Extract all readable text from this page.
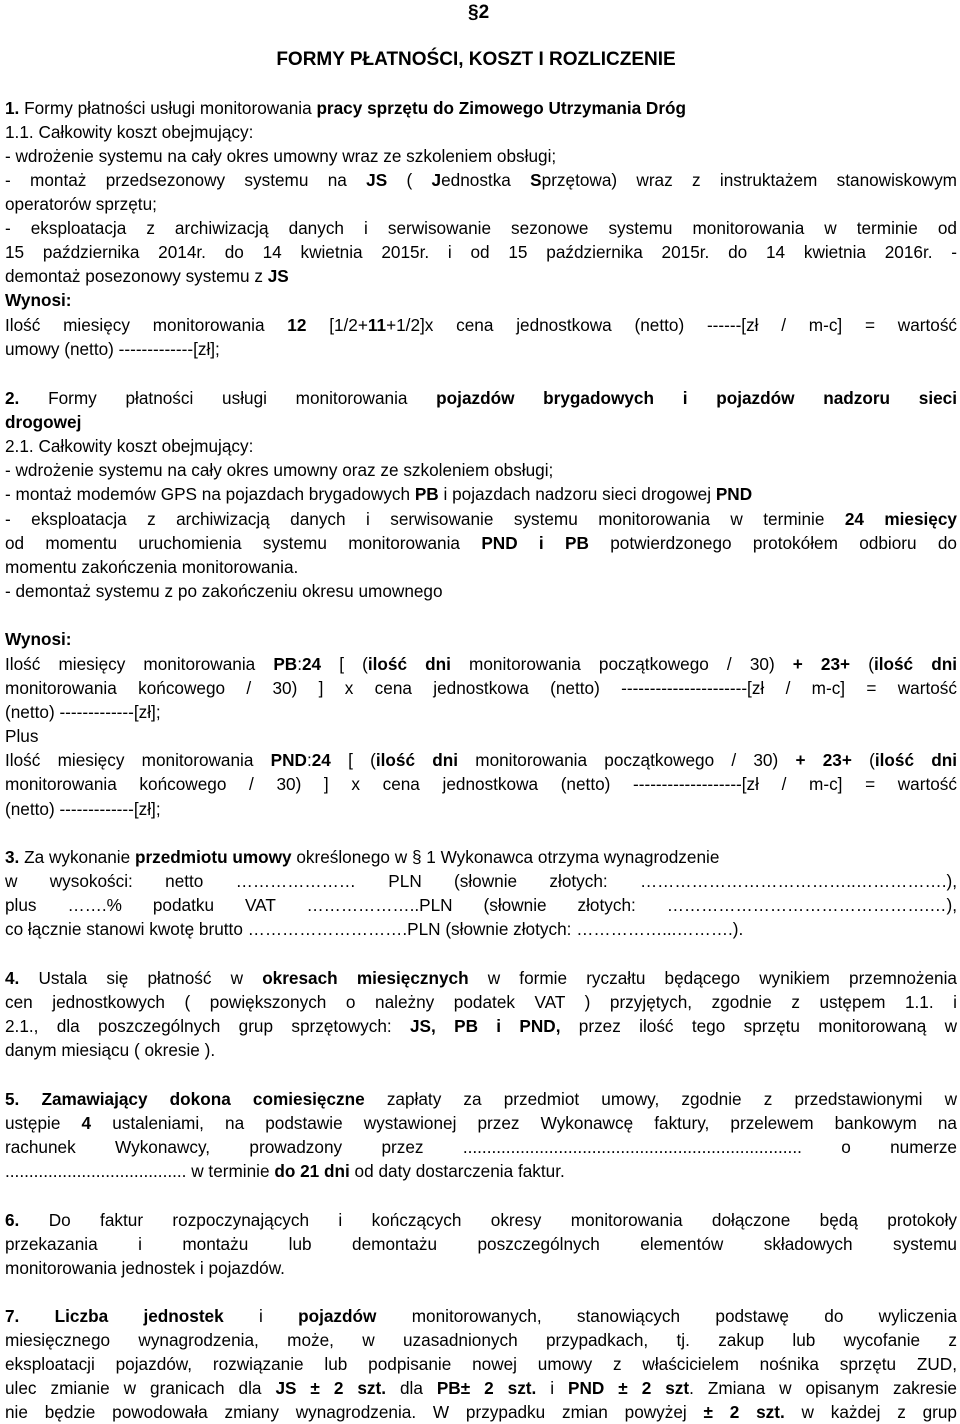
§2
FORMY PŁATNOŚCI, KOSZT I ROZLICZENIE
1. Formy płatności usługi monitorowania pracy sprzętu do Zimowego Utrzymania Dróg
1.1. Całkowity koszt obejmujący:
- wdrożenie systemu na cały okres umowny wraz ze szkoleniem obsługi;
- montaż przedsezonowy systemu na JS ( Jednostka Sprzętowa) wraz z instruktażem stanowiskowym
operatorów sprzętu;
- eksploatacja z archiwizacją danych i serwisowanie sezonowe systemu monitorowania w terminie od
15 października 2014r. do 14 kwietnia 2015r. i od 15 października 2015r. do 14 kwietnia 2016r. -
demontaż posezonowy systemu z JS
Wynosi:
Ilość miesięcy monitorowania 12 [1/2+11+1/2]x cena jednostkowa (netto) ------[zł / m-c] = wartość
umowy (netto) -------------[zł];
2. Formy płatności usługi monitorowania pojazdów brygadowych i pojazdów nadzoru sieci
drogowej
2.1. Całkowity koszt obejmujący:
- wdrożenie systemu na cały okres umowny oraz ze szkoleniem obsługi;
- montaż modemów GPS na pojazdach brygadowych PB i pojazdach nadzoru sieci drogowej PND
- eksploatacja z archiwizacją danych i serwisowanie systemu monitorowania w terminie 24 miesięcy
od momentu uruchomienia systemu monitorowania PND i PB potwierdzonego protokółem odbioru do
momentu zakończenia monitorowania.
- demontaż systemu z po zakończeniu okresu umownego
Wynosi:
Ilość miesięcy monitorowania PB:24 [ (ilość dni monitorowania początkowego / 30) + 23+ (ilość dni
monitorowania końcowego / 30) ] x cena jednostkowa (netto) ----------------------[zł / m-c] = wartość
(netto) -------------[zł];
Plus
Ilość miesięcy monitorowania PND:24 [ (ilość dni monitorowania początkowego / 30) + 23+ (ilość dni
monitorowania końcowego / 30) ] x cena jednostkowa (netto) -------------------[zł / m-c] = wartość
(netto) -------------[zł];
3. Za wykonanie przedmiotu umowy określonego w § 1 Wykonawca otrzyma wynagrodzenie
w wysokości: netto ………………… PLN (słownie złotych: ………………………………..…………….),
plus …….% podatku VAT ………………..PLN (słownie złotych: ……………………………………….…),
co łącznie stanowi kwotę brutto ……………………….PLN (słownie złotych: ……………...……….).
4. Ustala się płatność w okresach miesięcznych w formie ryczałtu będącego wynikiem przemnożenia
cen jednostkowych ( powiększonych o należny podatek VAT ) przyjętych, zgodnie z ustępem 1.1. i
2.1., dla poszczególnych grup sprzętowych: JS, PB i PND, przez ilość tego sprzętu monitorowaną w
danym miesiącu ( okresie ).
5. Zamawiający dokona comiesięczne zapłaty za przedmiot umowy, zgodnie z przedstawionymi w
ustępie 4 ustaleniami, na podstawie wystawionej przez Wykonawcę faktury, przelewem bankowym na
rachunek Wykonawcy, prowadzony przez ....................................................................... o numerze
...................................... w terminie do 21 dni od daty dostarczenia faktur.
6. Do faktur rozpoczynających i kończących okresy monitorowania dołączone będą protokoły
przekazania i montażu lub demontażu poszczególnych elementów składowych systemu
monitorowania jednostek i pojazdów.
7. Liczba jednostek i pojazdów monitorowanych, stanowiących podstawę do wyliczenia
miesięcznego wynagrodzenia, może, w uzasadnionych przypadkach, tj. zakup lub wycofanie z
eksploatacji pojazdów, rozwiązanie lub podpisanie nowej umowy z właścicielem nośnika sprzętu ZUD,
ulec zmianie w granicach dla JS ± 2 szt. dla PB± 2 szt. i PND ± 2 szt. Zmiana w opisanym zakresie
nie będzie powodowała zmiany wynagrodzenia. W przypadku zmian powyżej ± 2 szt. w każdej z grup
